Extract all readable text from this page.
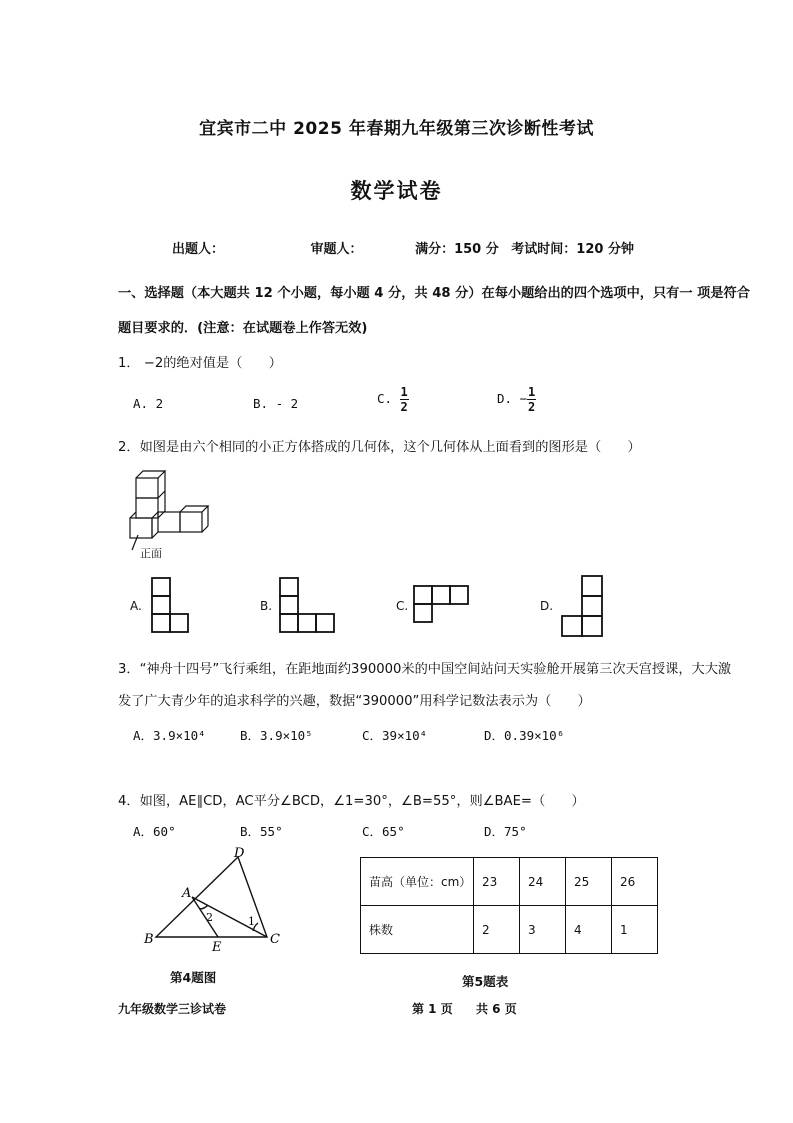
宜宾市二中 2025 年春期九年级第三次诊断性考试
数学试卷
出题人：	审题人：	满分：150 分 考试时间：120 分钟
一、选择题（本大题共 12 个小题，每小题 4 分，共 48 分）在每小题给出的四个选项中，只有一 项是符合
题目要求的．(注意：在试题卷上作答无效)
1． −2的绝对值是（　　）
A. 2	B. - 2	C. $\frac{1}{2}$	D. − $\frac{1}{2}$
2．如图是由六个相同的小正方体搭成的几何体，这个几何体从上面看到的图形是（　　）
正面
A.	B.	C.	D.
3．“神舟十四号”飞行乘组，在距地面约390000米的中国空间站问天实验舱开展第三次天宫授课，大大激
发了广大青少年的追求科学的兴趣，数据“390000”用科学记数法表示为（　　）
A．3.9×10⁴	B．3.9×10⁵	C．39×10⁴	D．0.39×10⁶
4．如图，AE∥CD，AC平分∠BCD，∠1=30°，∠B=55°，则∠BAE=（　　）
A．60°	B．55°	C．65°	D．75°
D
A
B
E
C
1
2
第4题图
苗高（单位：cm）	23	24	25	26
株数	2	3	4	1
第5题表
九年级数学三诊试卷	第 1 页 共 6 页
